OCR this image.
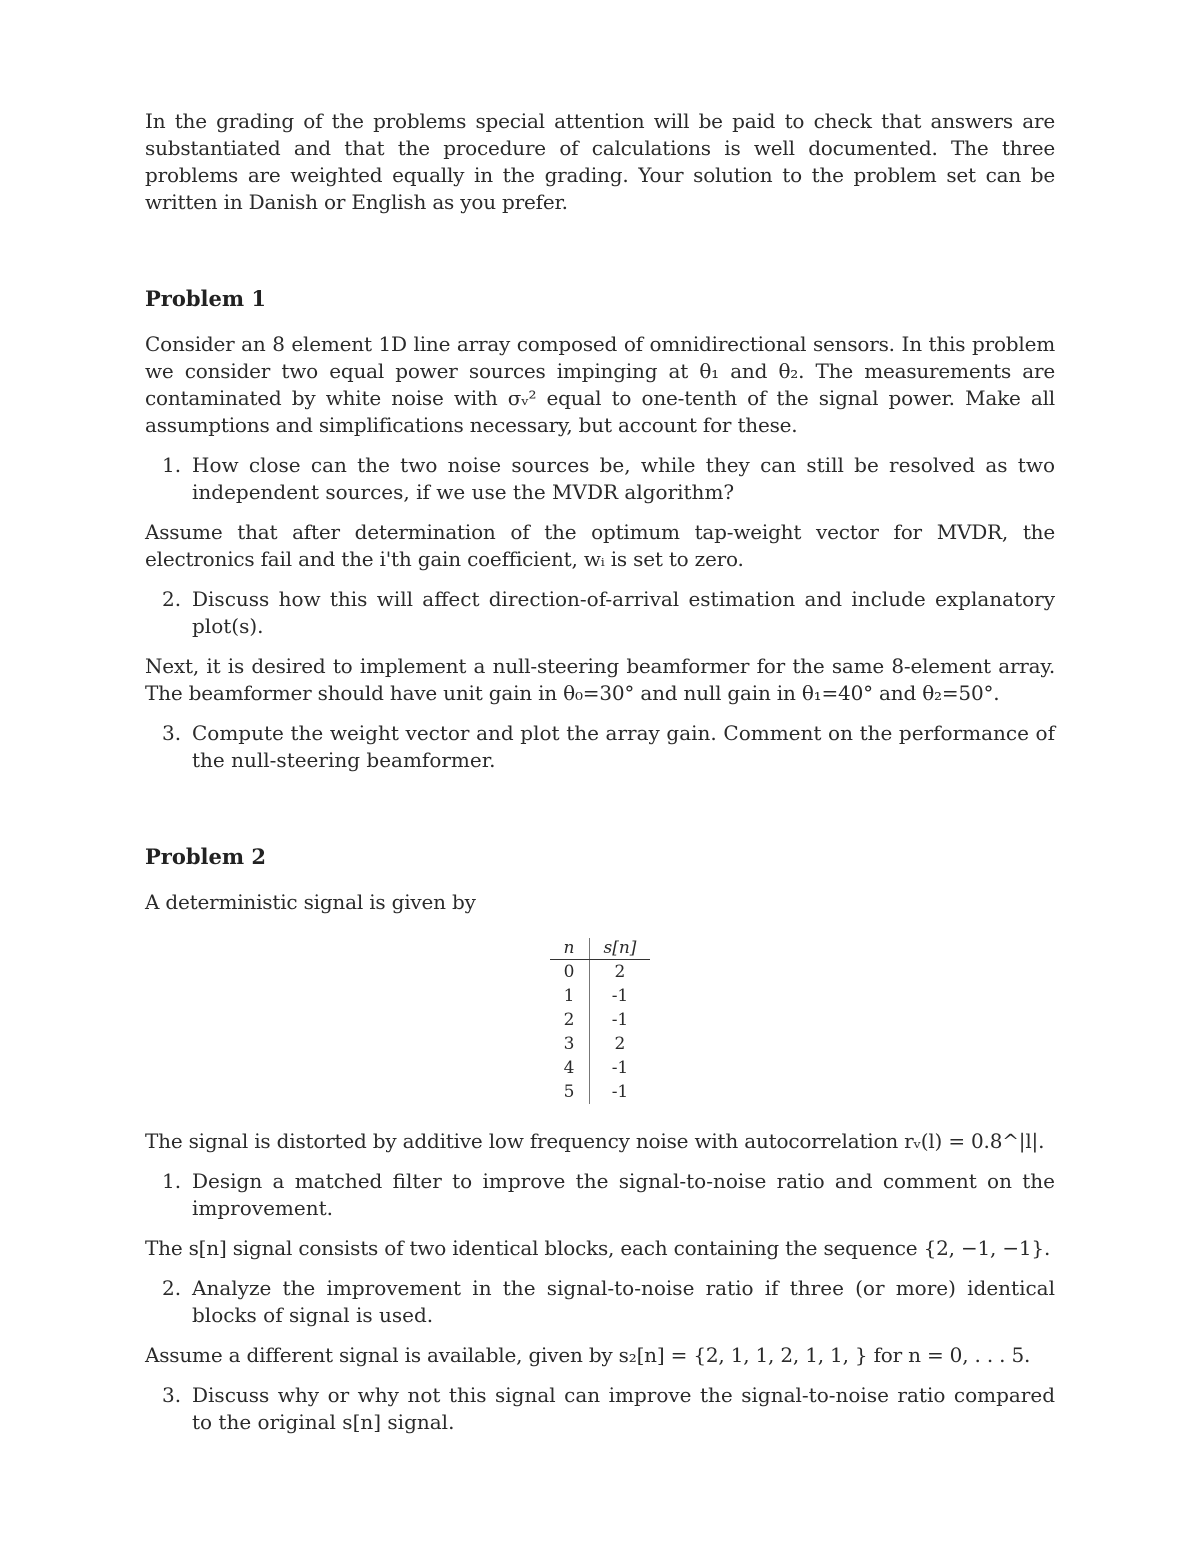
In the grading of the problems special attention will be paid to check that answers are substantiated and that the procedure of calculations is well documented. The three problems are weighted equally in the grading. Your solution to the problem set can be written in Danish or English as you prefer.

Problem 1

Consider an 8 element 1D line array composed of omnidirectional sensors. In this problem we consider two equal power sources impinging at θ₁ and θ₂. The measurements are contaminated by white noise with σᵥ² equal to one-tenth of the signal power. Make all assumptions and simplifications necessary, but account for these.

1. How close can the two noise sources be, while they can still be resolved as two independent sources, if we use the MVDR algorithm?

Assume that after determination of the optimum tap-weight vector for MVDR, the electronics fail and the i'th gain coefficient, wᵢ is set to zero.

2. Discuss how this will affect direction-of-arrival estimation and include explanatory plot(s).

Next, it is desired to implement a null-steering beamformer for the same 8-element array. The beamformer should have unit gain in θ₀=30° and null gain in θ₁=40° and θ₂=50°.

3. Compute the weight vector and plot the array gain. Comment on the performance of the null-steering beamformer.
Problem 2

A deterministic signal is given by

n	s[n]
0	2
1	-1
2	-1
3	2
4	-1
5	-1

The signal is distorted by additive low frequency noise with autocorrelation rᵥ(l) = 0.8^|l|.

1. Design a matched filter to improve the signal-to-noise ratio and comment on the improvement.

The s[n] signal consists of two identical blocks, each containing the sequence {2, −1, −1}.

2. Analyze the improvement in the signal-to-noise ratio if three (or more) identical blocks of signal is used.

Assume a different signal is available, given by s₂[n] = {2, 1, 1, 2, 1, 1, } for n = 0, . . . 5.

3. Discuss why or why not this signal can improve the signal-to-noise ratio compared to the original s[n] signal.
